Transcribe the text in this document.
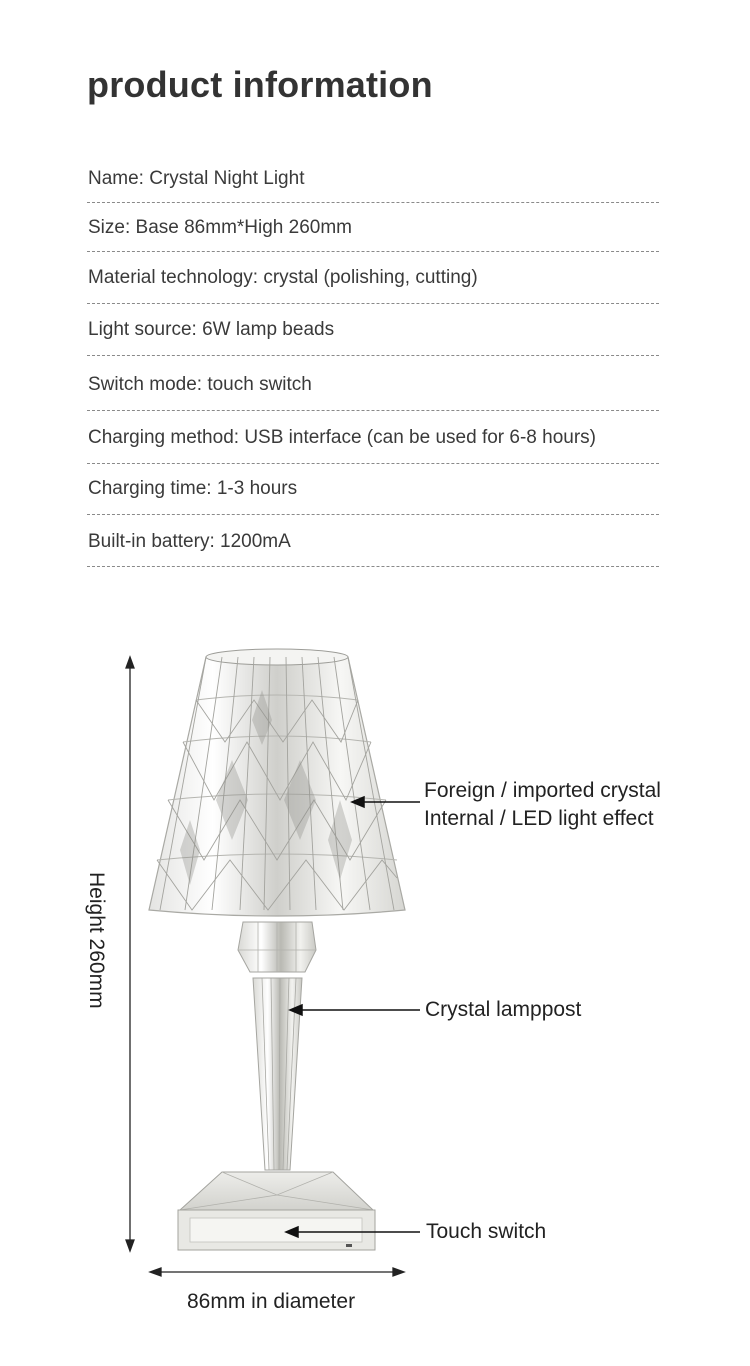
product information
Name: Crystal Night Light
Size: Base 86mm*High 260mm
Material technology: crystal (polishing, cutting)
Light source: 6W lamp beads
Switch mode: touch switch
Charging method: USB interface (can be used for 6-8 hours)
Charging time: 1-3 hours
Built-in battery: 1200mA
Foreign / imported crystal
Internal / LED light effect
Crystal lamppost
Touch switch
Height 260mm
86mm in diameter
